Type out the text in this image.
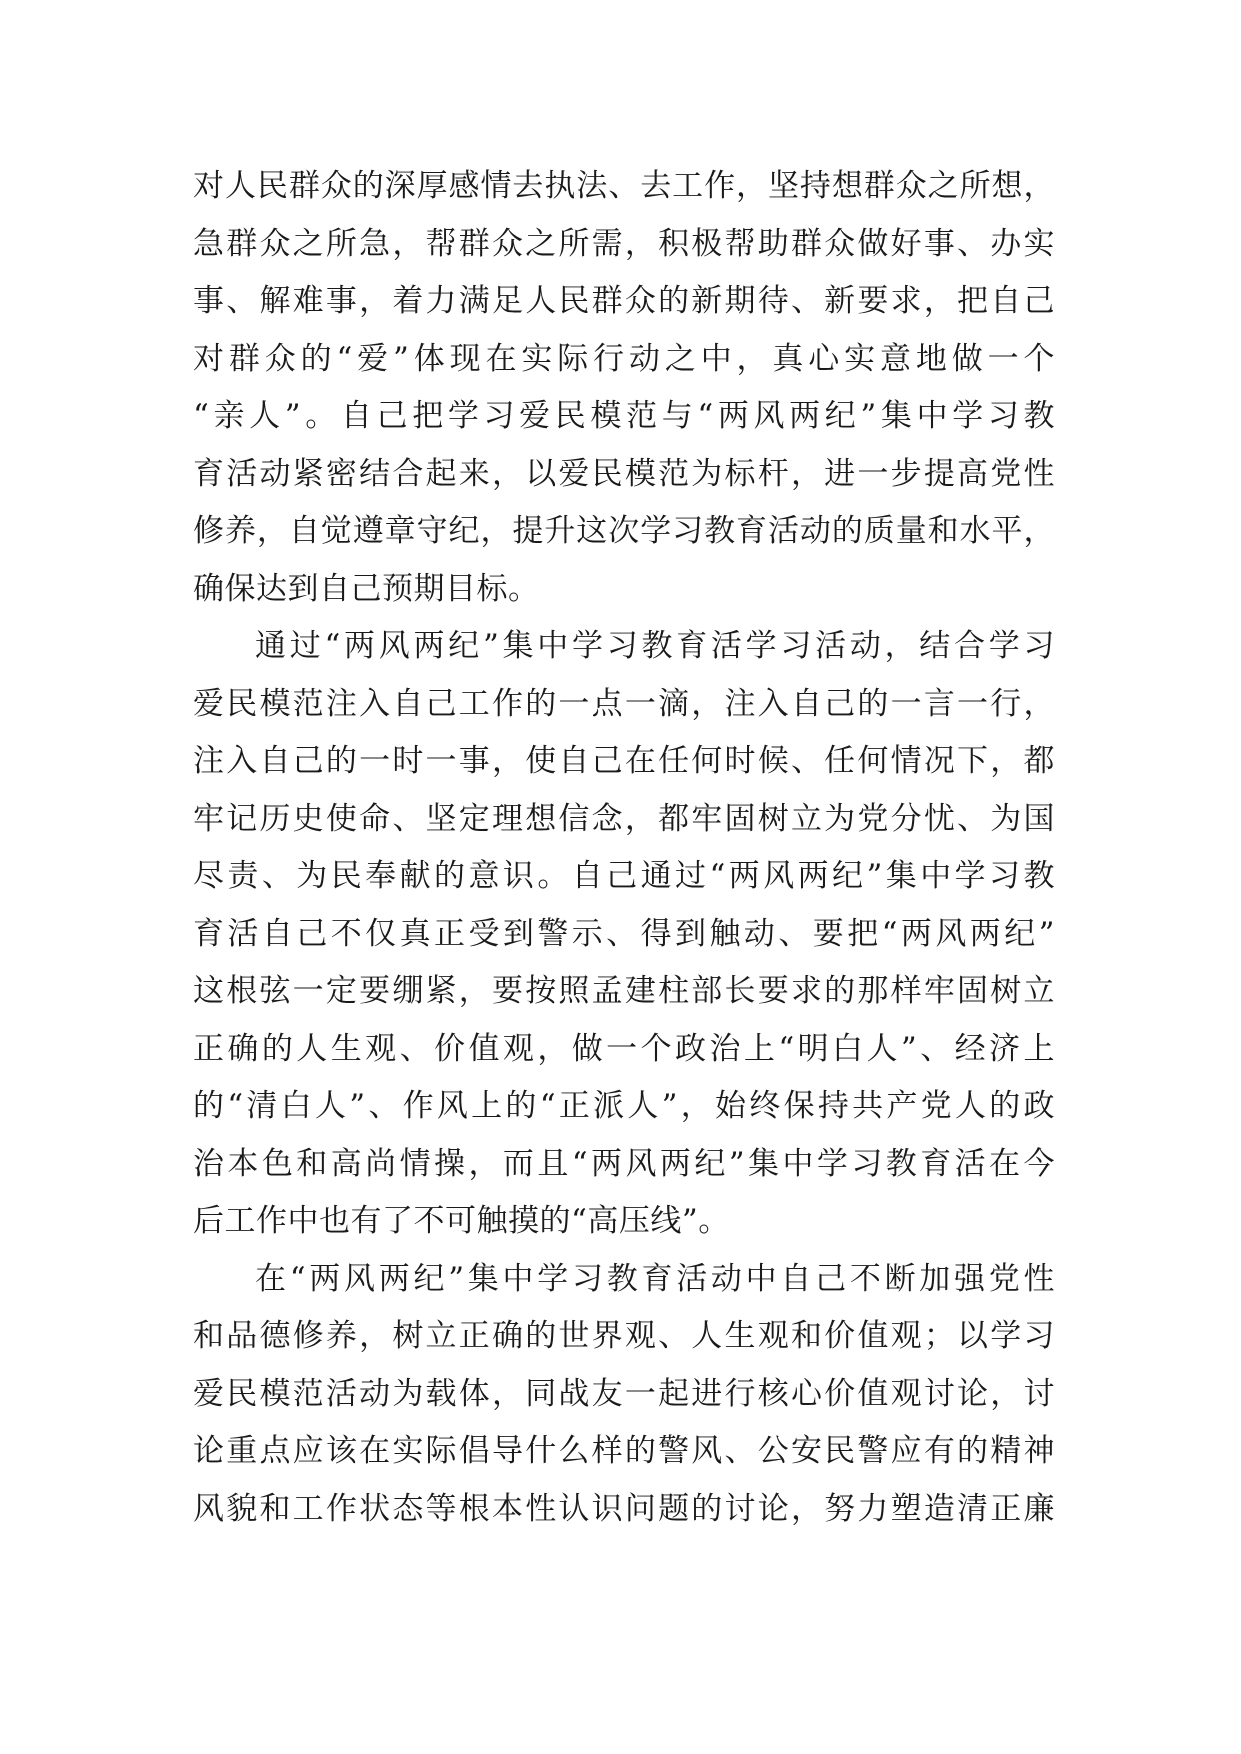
对人民群众的深厚感情去执法、去工作，坚持想群众之所想，
急群众之所急，帮群众之所需，积极帮助群众做好事、办实
事、解难事，着力满足人民群众的新期待、新要求，把自己
对群众的“爱”体现在实际行动之中，真心实意地做一个
“亲人”。自己把学习爱民模范与“两风两纪”集中学习教
育活动紧密结合起来，以爱民模范为标杆，进一步提高党性
修养，自觉遵章守纪，提升这次学习教育活动的质量和水平，
确保达到自己预期目标。
通过“两风两纪”集中学习教育活学习活动，结合学习
爱民模范注入自己工作的一点一滴，注入自己的一言一行，
注入自己的一时一事，使自己在任何时候、任何情况下，都
牢记历史使命、坚定理想信念，都牢固树立为党分忧、为国
尽责、为民奉献的意识。自己通过“两风两纪”集中学习教
育活自己不仅真正受到警示、得到触动、要把“两风两纪”
这根弦一定要绷紧，要按照孟建柱部长要求的那样牢固树立
正确的人生观、价值观，做一个政治上“明白人”、经济上
的“清白人”、作风上的“正派人”，始终保持共产党人的政
治本色和高尚情操，而且“两风两纪”集中学习教育活在今
后工作中也有了不可触摸的“高压线”。
在“两风两纪”集中学习教育活动中自己不断加强党性
和品德修养，树立正确的世界观、人生观和价值观；以学习
爱民模范活动为载体，同战友一起进行核心价值观讨论，讨
论重点应该在实际倡导什么样的警风、公安民警应有的精神
风貌和工作状态等根本性认识问题的讨论，努力塑造清正廉
